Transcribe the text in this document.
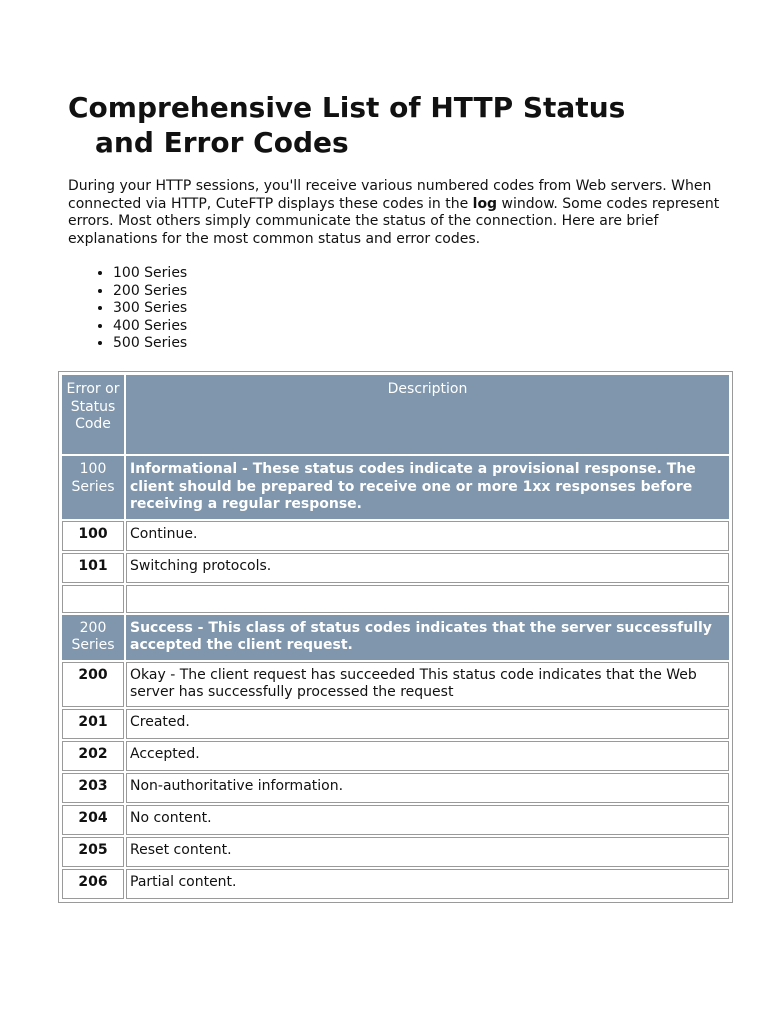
Comprehensive List of HTTP Status
and Error Codes

During your HTTP sessions, you'll receive various numbered codes from Web servers. When connected via HTTP, CuteFTP displays these codes in the log window. Some codes represent errors. Most others simply communicate the status of the connection. Here are brief explanations for the most common status and error codes.

• 100 Series
• 200 Series
• 300 Series
• 400 Series
• 500 Series
Error or Status Code	Description
100 Series	Informational - These status codes indicate a provisional response. The client should be prepared to receive one or more 1xx responses before receiving a regular response.
100	Continue.
101	Switching protocols.

200 Series	Success - This class of status codes indicates that the server successfully accepted the client request.
200	Okay - The client request has succeeded This status code indicates that the Web server has successfully processed the request
201	Created.
202	Accepted.
203	Non-authoritative information.
204	No content.
205	Reset content.
206	Partial content.
